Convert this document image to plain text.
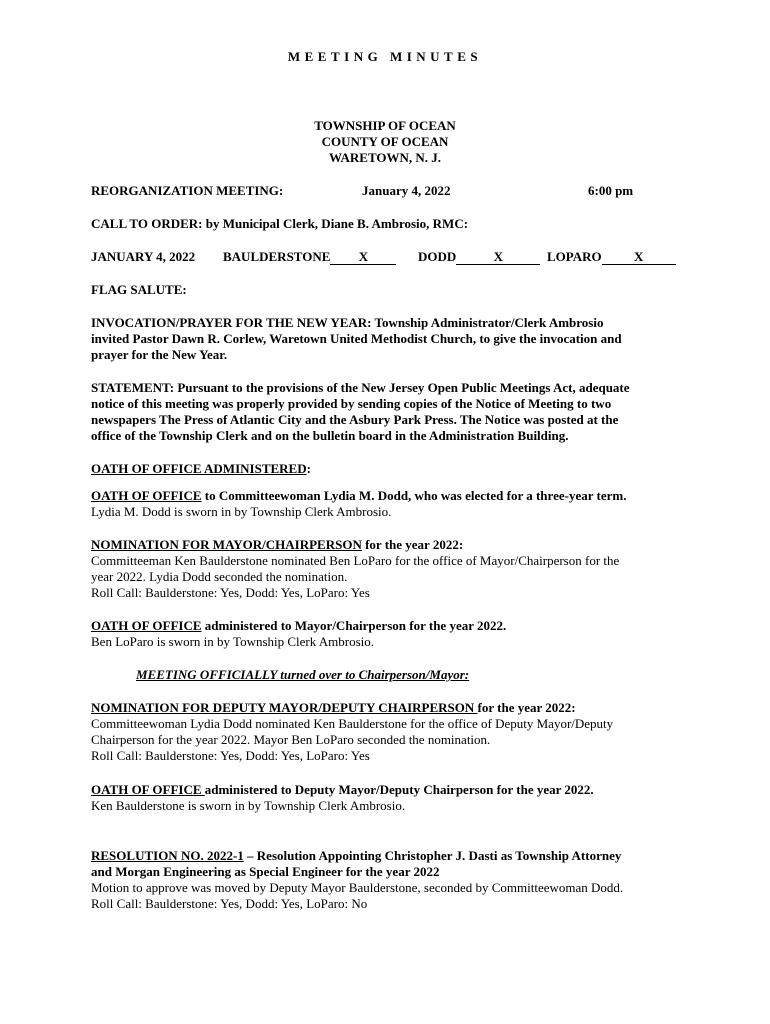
MEETING MINUTES
TOWNSHIP OF OCEAN
COUNTY OF OCEAN
WARETOWN, N. J.
REORGANIZATION MEETING:	January 4, 2022	6:00 pm
CALL TO ORDER: by Municipal Clerk, Diane B. Ambrosio, RMC:
JANUARY 4, 2022 BAULDERSTONE X	DODD	X	LOPARO X
FLAG SALUTE:
INVOCATION/PRAYER FOR THE NEW YEAR: Township Administrator/Clerk Ambrosio
invited Pastor Dawn R. Corlew, Waretown United Methodist Church, to give the invocation and
prayer for the New Year.
STATEMENT: Pursuant to the provisions of the New Jersey Open Public Meetings Act, adequate
notice of this meeting was properly provided by sending copies of the Notice of Meeting to two
newspapers The Press of Atlantic City and the Asbury Park Press. The Notice was posted at the
office of the Township Clerk and on the bulletin board in the Administration Building.
OATH OF OFFICE ADMINISTERED:
OATH OF OFFICE to Committeewoman Lydia M. Dodd, who was elected for a three-year term.
Lydia M. Dodd is sworn in by Township Clerk Ambrosio.
NOMINATION FOR MAYOR/CHAIRPERSON for the year 2022:
Committeeman Ken Baulderstone nominated Ben LoParo for the office of Mayor/Chairperson for the
year 2022. Lydia Dodd seconded the nomination.
Roll Call: Baulderstone: Yes, Dodd: Yes, LoParo: Yes
OATH OF OFFICE administered to Mayor/Chairperson for the year 2022.
Ben LoParo is sworn in by Township Clerk Ambrosio.
MEETING OFFICIALLY turned over to Chairperson/Mayor:
NOMINATION FOR DEPUTY MAYOR/DEPUTY CHAIRPERSON for the year 2022:
Committeewoman Lydia Dodd nominated Ken Baulderstone for the office of Deputy Mayor/Deputy
Chairperson for the year 2022. Mayor Ben LoParo seconded the nomination.
Roll Call: Baulderstone: Yes, Dodd: Yes, LoParo: Yes
OATH OF OFFICE administered to Deputy Mayor/Deputy Chairperson for the year 2022.
Ken Baulderstone is sworn in by Township Clerk Ambrosio.
RESOLUTION NO. 2022-1 – Resolution Appointing Christopher J. Dasti as Township Attorney
and Morgan Engineering as Special Engineer for the year 2022
Motion to approve was moved by Deputy Mayor Baulderstone, seconded by Committeewoman Dodd.
Roll Call: Baulderstone: Yes, Dodd: Yes, LoParo: No
